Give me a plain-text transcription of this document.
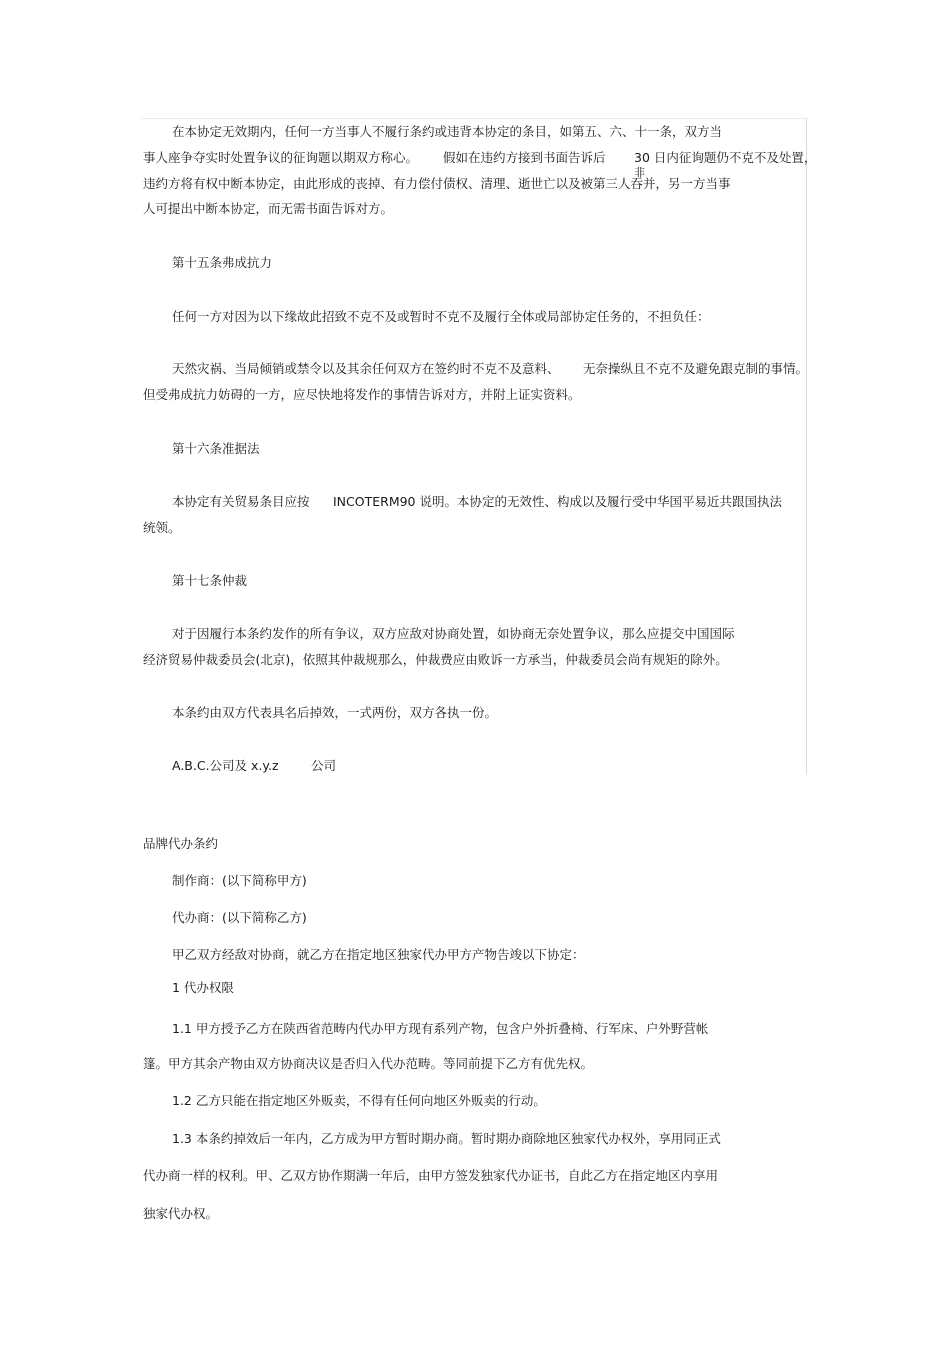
在本协定无效期内，任何一方当事人不履行条约或违背本协定的条目，如第五、六、十一条，双方当
事人座争夺实时处置争议的征询题以期双方称心。 假如在违约方接到书面告诉后 30 日内征询题仍不克不及处置，
非
违约方将有权中断本协定，由此形成的丧掉、有力偿付债权、清理、逝世亡以及被第三人吞并，另一方当事
人可提出中断本协定，而无需书面告诉对方。
第十五条弗成抗力
任何一方对因为以下缘故此招致不克不及或暂时不克不及履行全体或局部协定任务的，不担负任：
天然灾祸、当局倾销或禁令以及其余任何双方在签约时不克不及意料、 无奈操纵且不克不及避免跟克制的事情。
但受弗成抗力妨碍的一方，应尽快地将发作的事情告诉对方，并附上证实资料。
第十六条准据法
本协定有关贸易条目应按 INCOTERM90 说明。本协定的无效性、构成以及履行受中华国平易近共跟国执法
统领。
第十七条仲裁
对于因履行本条约发作的所有争议，双方应敌对协商处置，如协商无奈处置争议，那么应提交中国国际
经济贸易仲裁委员会(北京)，依照其仲裁规那么，仲裁费应由败诉一方承当，仲裁委员会尚有规矩的除外。
本条约由双方代表具名后掉效，一式两份，双方各执一份。
A.B.C.公司及 x.y.z	公司
品牌代办条约
制作商：(以下简称甲方)
代办商：(以下简称乙方)
甲乙双方经敌对协商，就乙方在指定地区独家代办甲方产物告竣以下协定：
1 代办权限
1.1 甲方授予乙方在陕西省范畴内代办甲方现有系列产物，包含户外折叠椅、行军床、户外野营帐
篷。甲方其余产物由双方协商决议是否归入代办范畴。等同前提下乙方有优先权。
1.2 乙方只能在指定地区外贩卖，不得有任何向地区外贩卖的行动。
1.3 本条约掉效后一年内，乙方成为甲方暂时期办商。暂时期办商除地区独家代办权外，享用同正式
代办商一样的权利。甲、乙双方协作期满一年后，由甲方签发独家代办证书，自此乙方在指定地区内享用
独家代办权。
